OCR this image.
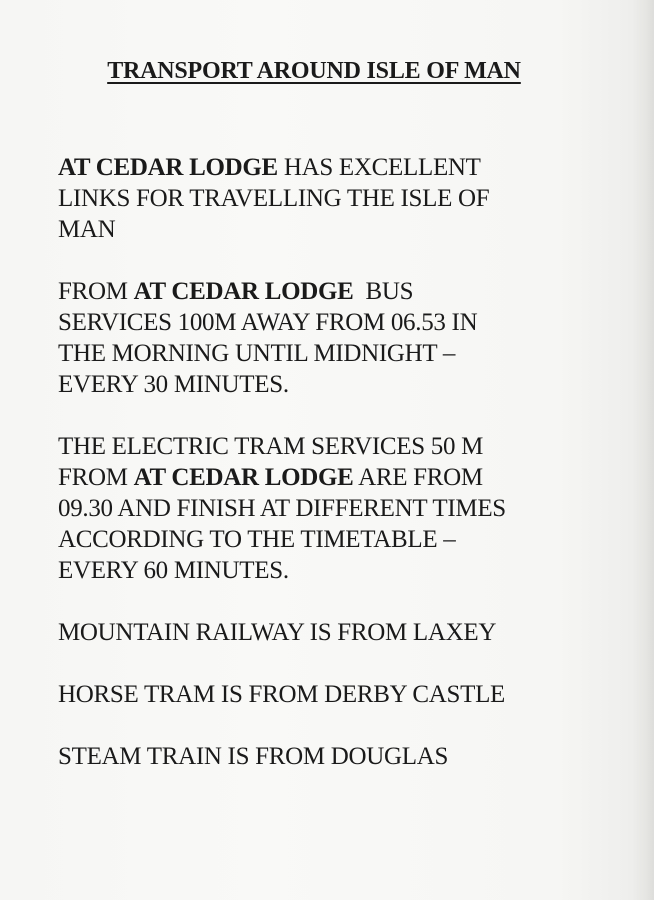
TRANSPORT AROUND ISLE OF MAN

AT CEDAR LODGE HAS EXCELLENT
LINKS FOR TRAVELLING THE ISLE OF
MAN

FROM AT CEDAR LODGE  BUS
SERVICES 100M AWAY FROM 06.53 IN
THE MORNING UNTIL MIDNIGHT –
EVERY 30 MINUTES.

THE ELECTRIC TRAM SERVICES 50 M
FROM AT CEDAR LODGE ARE FROM
09.30 AND FINISH AT DIFFERENT TIMES
ACCORDING TO THE TIMETABLE –
EVERY 60 MINUTES.

MOUNTAIN RAILWAY IS FROM LAXEY

HORSE TRAM IS FROM DERBY CASTLE

STEAM TRAIN IS FROM DOUGLAS
